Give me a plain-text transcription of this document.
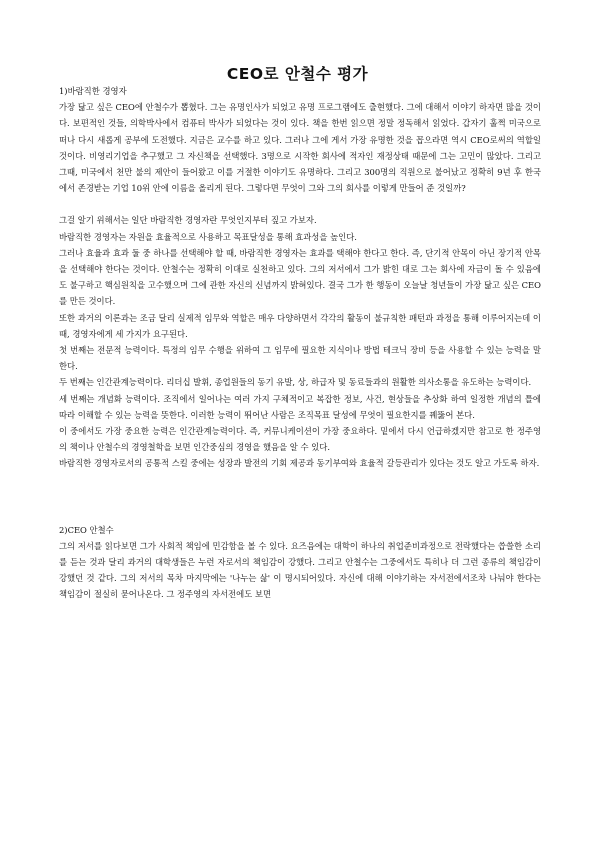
CEO로 안철수 평가
1)바람직한 경영자

가장 닮고 싶은 CEO에 안철수가 뽑혔다. 그는 유명인사가 되었고 유명 프로그램에도 출현했다. 그에 대해서 이야기 하자면 많을 것이다. 보편적인 것들, 의학박사에서 컴퓨터 박사가 되었다는 것이 있다. 책을 한번 읽으면 정말 정독해서 읽었다. 갑자기 훌쩍 미국으로 떠나 다시 새롭게 공부에 도전했다. 지금은 교수를 하고 있다. 그러나 그에 게서 가장 유명한 것을 꼽으라면 역시 CEO로써의 역할일 것이다. 비영리기업을 추구했고 그 자신책을 선택했다. 3명으로 시작한 회사에 적자인 재정상태 때문에 그는 고민이 많았다. 그리고 그때, 미국에서 천만 불의 제안이 들어왔고 이를 거절한 이야기도 유명하다. 그리고 300명의 직원으로 불어났고 정확히 9년 후 한국에서 존경받는 기업 10위 안에 이름을 올리게 된다. 그렇다면 무엇이 그와 그의 회사를 이렇게 만들어 준 것일까?

그걸 알기 위해서는 일단 바람직한 경영자란 무엇인지부터 짚고 가보자.

바람직한 경영자는 자원을 효율적으로 사용하고 목표달성을 통해 효과성을 높인다.

그러나 효율과 효과 둘 중 하나를 선택해야 할 때, 바람직한 경영자는 효과를 택해야 한다고 한다. 즉, 단기적 안목이 아닌 장기적 안목을 선택해야 한다는 것이다. 안철수는 정확히 이대로 실천하고 있다. 그의 저서에서 그가 밝힌 대로 그는 회사에 자금이 돌 수 있음에도 불구하고 핵심원칙을 고수했으며 그에 관한 자신의 신념까지 밝혀있다. 결국 그가 한 행동이 오늘날 청년들이 가장 닮고 싶은 CEO를 만든 것이다.

또한 과거의 이론과는 조금 달리 실제적 임무와 역할은 매우 다양하면서 각각의 활동이 불규칙한 패턴과 과정을 통해 이루어지는데 이때, 경영자에게 세 가지가 요구된다.

첫 번째는 전문적 능력이다. 특정의 임무 수행을 위하여 그 임무에 필요한 지식이나 방법 테크닉 장비 등을 사용할 수 있는 능력을 말한다.

두 번째는 인간관계능력이다. 리더십 발휘, 종업원들의 동기 유발, 상, 하급자 및 동료들과의 원활한 의사소통을 유도하는 능력이다.

세 번째는 개념화 능력이다. 조직에서 일어나는 여러 가지 구체적이고 복잡한 정보, 사건, 현상들을 추상화 하여 일정한 개념의 틀에 따라 이해할 수 있는 능력을 뜻한다. 이러한 능력이 뛰어난 사람은 조직목표 달성에 무엇이 필요한지를 꿰뚫어 본다.

이 중에서도 가장 중요한 능력은 인간관계능력이다. 즉, 커뮤니케이션이 가장 중요하다. 밑에서 다시 언급하겠지만 참고로 한 정주영의 책이나 안철수의 경영철학을 보면 인간중심의 경영을 했음을 알 수 있다.

바람직한 경영자로서의 공통적 스킬 중에는 성장과 발전의 기회 제공과 동기부여와 효율적 갈등관리가 있다는 것도 알고 가도록 하자.

2)CEO 안철수

그의 저서를 읽다보면 그가 사회적 책임에 민감함을 볼 수 있다. 요즈음에는 대학이 하나의 취업준비과정으로 전락했다는 씁쓸한 소리를 듣는 것과 달리 과거의 대학생들은 누런 자로서의 책임감이 강했다. 그리고 안철수는 그중에서도 특히나 더 그런 종류의 책임감이 강했던 것 같다. 그의 저서의 목차 마지막에는 '나누는 삶' 이 명시되어있다. 자신에 대해 이야기하는 자서전에서조차 나눠야 한다는 책임감이 절실히 묻어나온다. 그 정주영의 자서전에도 보면
